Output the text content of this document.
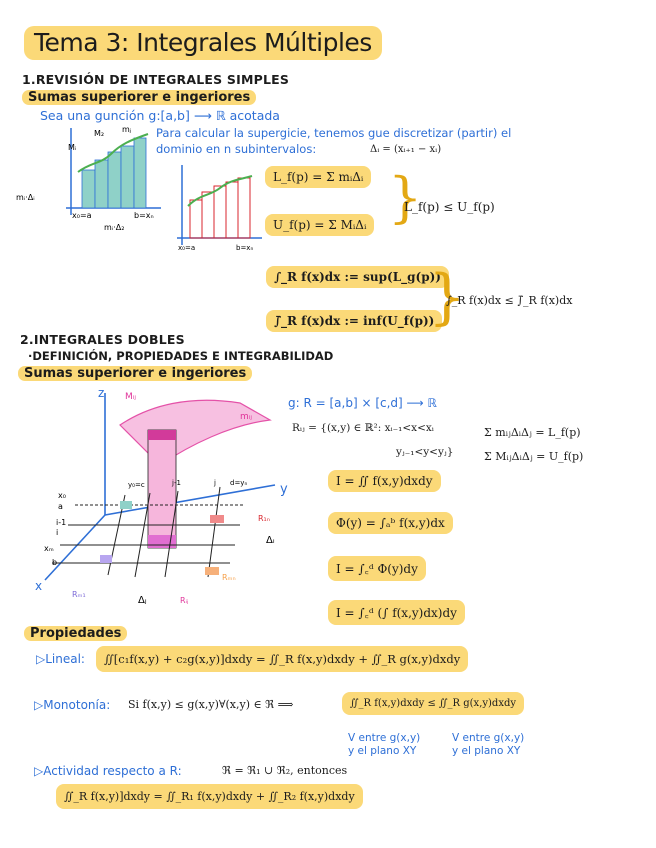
Tema 3: Integrales Múltiples
1.REVISIÓN DE INTEGRALES SIMPLES
Sumas superiorer e ingeriores
Sea una gunción g:[a,b] ⟶ ℝ acotada
Para calcular la supergicie, tenemos gue discretizar (partir) el
dominio en n subintervalos:	Δᵢ = (xᵢ₊₁ − xᵢ)
Mᵢ
M₂ mⱼ
mᵢ·Δᵢ
x₀=a	b=xₙ
mᵢ·Δ₂
x₀=a	b=xₙ
L_f(p) = Σ mᵢΔᵢ
U_f(p) = Σ MᵢΔᵢ }
L_f(p) ≤ U_f(p)
∫_R f(x)dx := sup(L_g(p))
∫̄_R f(x)dx := inf(U_f(p))
}
∫_R f(x)dx ≤ ∫̄_R f(x)dx
2.INTEGRALES DOBLES
·DEFINICIÓN, PROPIEDADES E INTEGRABILIDAD
Sumas superiorer e ingeriores
z Mᵢⱼ
mᵢⱼ
y
x
x₀
a
i-1
i
xₘ
b
y₀=c	j-1	j d=yₙ
R₁ₙ
Rₘₙ
Rₘ₁
Rᵢⱼ
Δⱼ
Δᵢ
g: R = [a,b] × [c,d] ⟶ ℝ
Rᵢⱼ = {(x,y) ∈ ℝ²: xᵢ₋₁<x<xᵢ
yⱼ₋₁<y<yⱼ}
Σ mᵢⱼΔᵢΔⱼ = L_f(p)
Σ MᵢⱼΔᵢΔⱼ = U_f(p)
I = ∬ f(x,y)dxdy
Φ(y) = ∫ₐᵇ f(x,y)dx
I = ∫꜀ᵈ Φ(y)dy
I = ∫꜀ᵈ (∫ f(x,y)dx)dy
Propiedades
▷Lineal:	∬[c₁f(x,y) + c₂g(x,y)]dxdy = ∬_R f(x,y)dxdy + ∬_R g(x,y)dxdy
▷Monotonía: Si f(x,y) ≤ g(x,y)∀(x,y) ∈ ℜ ⟹	∬_R f(x,y)dxdy ≤ ∬_R g(x,y)dxdy
V entre g(x,y)
y el plano XY
V entre g(x,y)
y el plano XY
▷Actividad respecto a R:	ℜ = ℜ₁ ∪ ℜ₂, entonces
∬_R f(x,y)]dxdy = ∬_R₁ f(x,y)dxdy + ∬_R₂ f(x,y)dxdy
